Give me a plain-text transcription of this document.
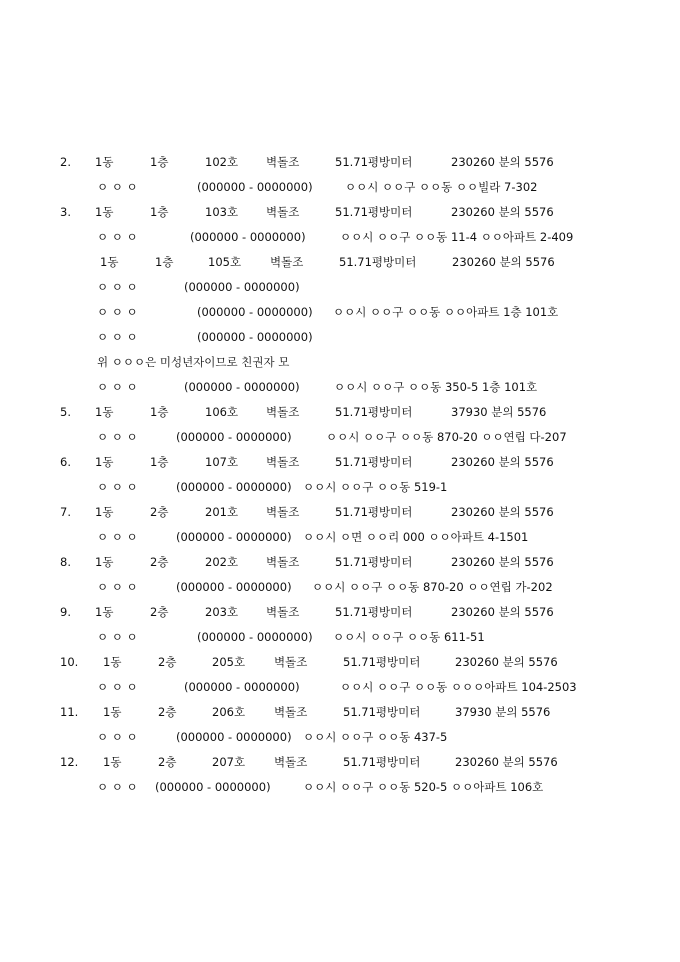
2. 1동	1층	102호 벽돌조	51.71평방미터	230260 분의 5576
ㅇ ㅇ ㅇ	(000000 - 0000000)	ㅇㅇ시 ㅇㅇ구 ㅇㅇ동 ㅇㅇ빌라 7-302
3. 1동	1층	103호 벽돌조	51.71평방미터	230260 분의 5576
ㅇ ㅇ ㅇ	(000000 - 0000000)	ㅇㅇ시 ㅇㅇ구 ㅇㅇ동 11-4 ㅇㅇ아파트 2-409
1동	1층	105호	벽돌조	51.71평방미터	230260 분의 5576
ㅇ ㅇ ㅇ	(000000 - 0000000)
ㅇ ㅇ ㅇ	(000000 - 0000000) ㅇㅇ시 ㅇㅇ구 ㅇㅇ동 ㅇㅇ아파트 1층 101호
ㅇ ㅇ ㅇ	(000000 - 0000000)
위 ㅇㅇㅇ은 미성년자이므로 친권자 모
ㅇ ㅇ ㅇ	(000000 - 0000000)	ㅇㅇ시 ㅇㅇ구 ㅇㅇ동 350-5 1층 101호
5. 1동	1층	106호 벽돌조	51.71평방미터	37930 분의 5576
ㅇ ㅇ ㅇ	(000000 - 0000000)	ㅇㅇ시 ㅇㅇ구 ㅇㅇ동 870-20 ㅇㅇ연립 다-207
6. 1동	1층	107호 벽돌조	51.71평방미터	230260 분의 5576
ㅇ ㅇ ㅇ	(000000 - 0000000) ㅇㅇ시 ㅇㅇ구 ㅇㅇ동 519-1
7. 1동	2층	201호 벽돌조	51.71평방미터	230260 분의 5576
ㅇ ㅇ ㅇ	(000000 - 0000000) ㅇㅇ시 ㅇ면 ㅇㅇ리 000 ㅇㅇ아파트 4-1501
8. 1동	2층	202호 벽돌조	51.71평방미터	230260 분의 5576
ㅇ ㅇ ㅇ	(000000 - 0000000) ㅇㅇ시 ㅇㅇ구 ㅇㅇ동 870-20 ㅇㅇ연립 가-202
9. 1동	2층	203호 벽돌조	51.71평방미터	230260 분의 5576
ㅇ ㅇ ㅇ	(000000 - 0000000) ㅇㅇ시 ㅇㅇ구 ㅇㅇ동 611-51
10. 1동	2층	205호	벽돌조	51.71평방미터	230260 분의 5576
ㅇ ㅇ ㅇ	(000000 - 0000000)	ㅇㅇ시 ㅇㅇ구 ㅇㅇ동 ㅇㅇㅇ아파트 104-2503
11. 1동	2층	206호	벽돌조	51.71평방미터	37930 분의 5576
ㅇ ㅇ ㅇ	(000000 - 0000000) ㅇㅇ시 ㅇㅇ구 ㅇㅇ동 437-5
12. 1동	2층	207호	벽돌조	51.71평방미터	230260 분의 5576
ㅇ ㅇ ㅇ (000000 - 0000000)	ㅇㅇ시 ㅇㅇ구 ㅇㅇ동 520-5 ㅇㅇ아파트 106호
